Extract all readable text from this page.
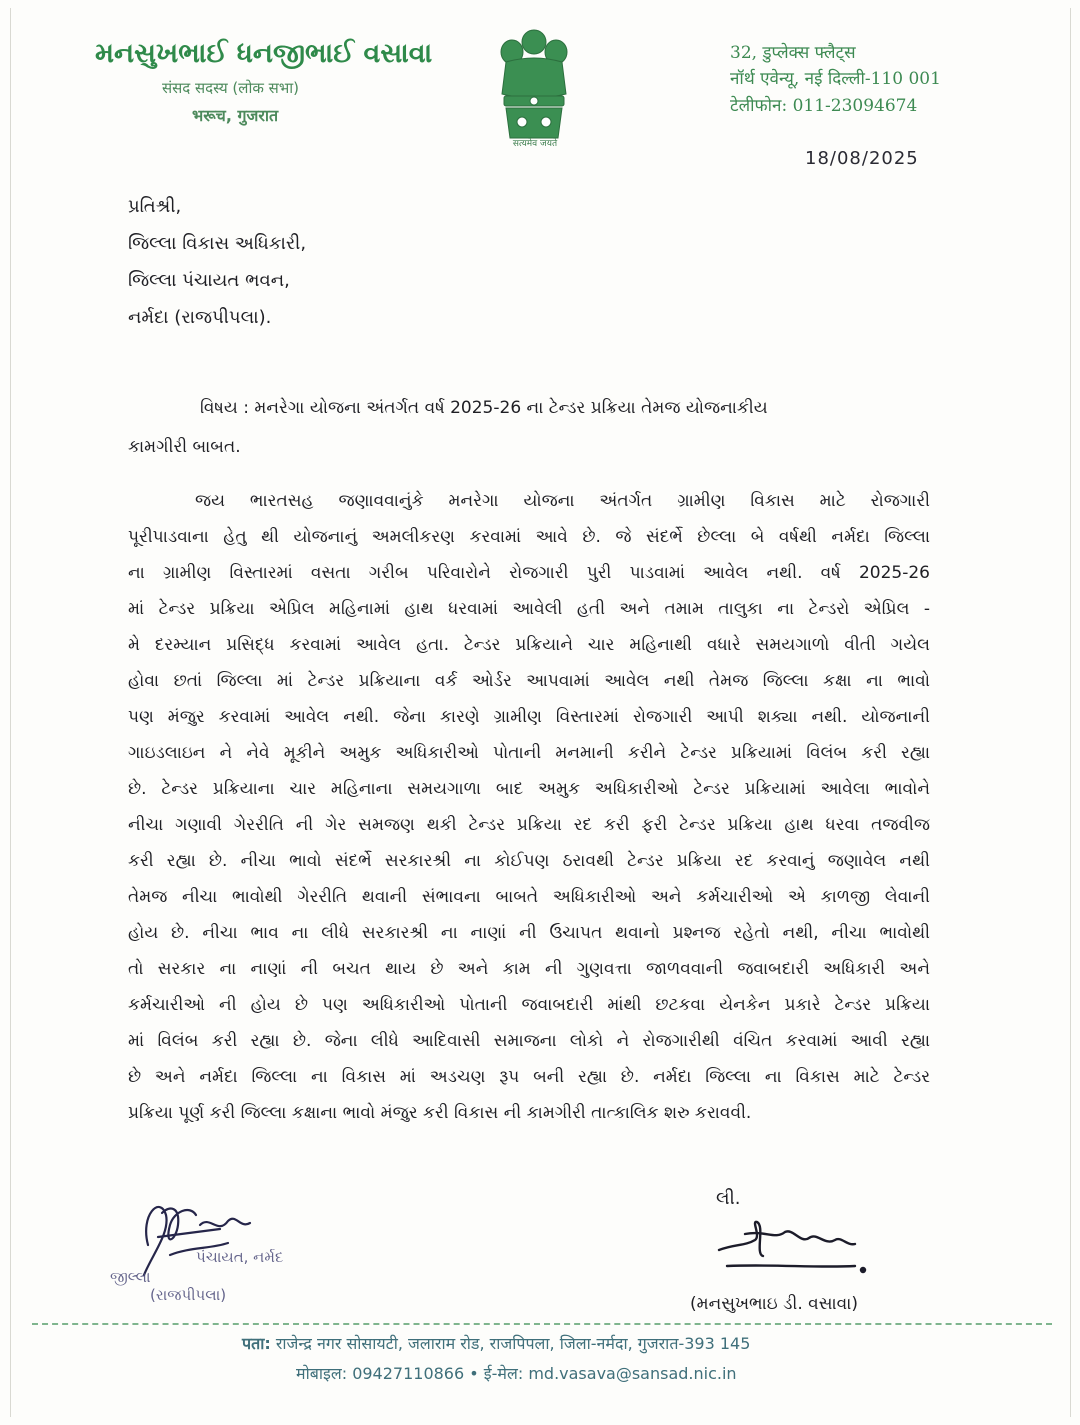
મનસુખભાઈ ધનજીભાઈ વસાવા
संसद सदस्य (लोक सभा)
भरूच, गुजरात
सत्यमेव जयते
32, डुप्लेक्स फ्लैट्स
नॉर्थ एवेन्यू, नई दिल्ली-110 001
टेलीफोन: 011-23094674
18/08/2025
પ્રતિશ્રી,
જિલ્લા વિકાસ અધિકારી,
જિલ્લા પંચાયત ભવન,
નર્મદા (રાજપીપલા).
વિષય : મનરેગા યોજના અંતર્ગત વર્ષ 2025-26 ના ટેન્ડર પ્રક્રિયા તેમજ યોજનાકીય
કામગીરી બાબત.
જય ભારતસહ જણાવવાનુંકે મનરેગા યોજના અંતર્ગત ગ્રામીણ વિકાસ માટે રોજગારી
પૂરીપાડવાના હેતુ થી યોજનાનું અમલીકરણ કરવામાં આવે છે. જે સંદર્ભે છેલ્લા બે વર્ષથી નર્મદા જિલ્લા
ના ગ્રામીણ વિસ્તારમાં વસતા ગરીબ પરિવારોને રોજગારી પુરી પાડવામાં આવેલ નથી. વર્ષ 2025-26
માં ટેન્ડર પ્રક્રિયા એપ્રિલ મહિનામાં હાથ ધરવામાં આવેલી હતી અને તમામ તાલુકા ના ટેન્ડરો એપ્રિલ -
મે દરમ્યાન પ્રસિદ્ધ કરવામાં આવેલ હતા. ટેન્ડર પ્રક્રિયાને ચાર મહિનાથી વધારે સમયગાળો વીતી ગયેલ
હોવા છતાં જિલ્લા માં ટેન્ડર પ્રક્રિયાના વર્ક ઓર્ડર આપવામાં આવેલ નથી તેમજ જિલ્લા કક્ષા ના ભાવો
પણ મંજુર કરવામાં આવેલ નથી. જેના કારણે ગ્રામીણ વિસ્તારમાં રોજગારી આપી શક્યા નથી. યોજનાની
ગાઇડલાઇન ને નેવે મૂકીને અમુક અધિકારીઓ પોતાની મનમાની કરીને ટેન્ડર પ્રક્રિયામાં વિલંબ કરી રહ્યા
છે. ટેન્ડર પ્રક્રિયાના ચાર મહિનાના સમયગાળા બાદ અમુક અધિકારીઓ ટેન્ડર પ્રક્રિયામાં આવેલા ભાવોને
નીચા ગણાવી ગેરરીતિ ની ગેર સમજણ થકી ટેન્ડર પ્રક્રિયા રદ કરી ફરી ટેન્ડર પ્રક્રિયા હાથ ધરવા તજવીજ
કરી રહ્યા છે. નીચા ભાવો સંદર્ભે સરકારશ્રી ના કોઈપણ ઠરાવથી ટેન્ડર પ્રક્રિયા રદ કરવાનું જણાવેલ નથી
તેમજ નીચા ભાવોથી ગેરરીતિ થવાની સંભાવના બાબતે અધિકારીઓ અને કર્મચારીઓ એ કાળજી લેવાની
હોય છે. નીચા ભાવ ના લીધે સરકારશ્રી ના નાણાં ની ઉચાપત થવાનો પ્રશ્નજ રહેતો નથી, નીચા ભાવોથી
તો સરકાર ના નાણાં ની બચત થાય છે અને કામ ની ગુણવત્તા જાળવવાની જવાબદારી અધિકારી અને
કર્મચારીઓ ની હોય છે પણ અધિકારીઓ પોતાની જવાબદારી માંથી છટકવા યેનકેન પ્રકારે ટેન્ડર પ્રક્રિયા
માં વિલંબ કરી રહ્યા છે. જેના લીધે આદિવાસી સમાજના લોકો ને રોજગારીથી વંચિત કરવામાં આવી રહ્યા
છે અને નર્મદા જિલ્લા ના વિકાસ માં અડચણ રૂપ બની રહ્યા છે. નર્મદા જિલ્લા ના વિકાસ માટે ટેન્ડર
પ્રક્રિયા પૂર્ણ કરી જિલ્લા કક્ષાના ભાવો મંજુર કરી વિકાસ ની કામગીરી તાત્કાલિક શરુ કરાવવી.
પંચાયત, નર્મદ
જીલ્લા
(રાજપીપલા)
લી.
(મનસુખભાઇ ડી. વસાવા)
पता: राजेन्द्र नगर सोसायटी, जलाराम रोड, राजपिपला, जिला-नर्मदा, गुजरात-393 145
मोबाइल: 09427110866 • ई-मेल: md.vasava@sansad.nic.in
